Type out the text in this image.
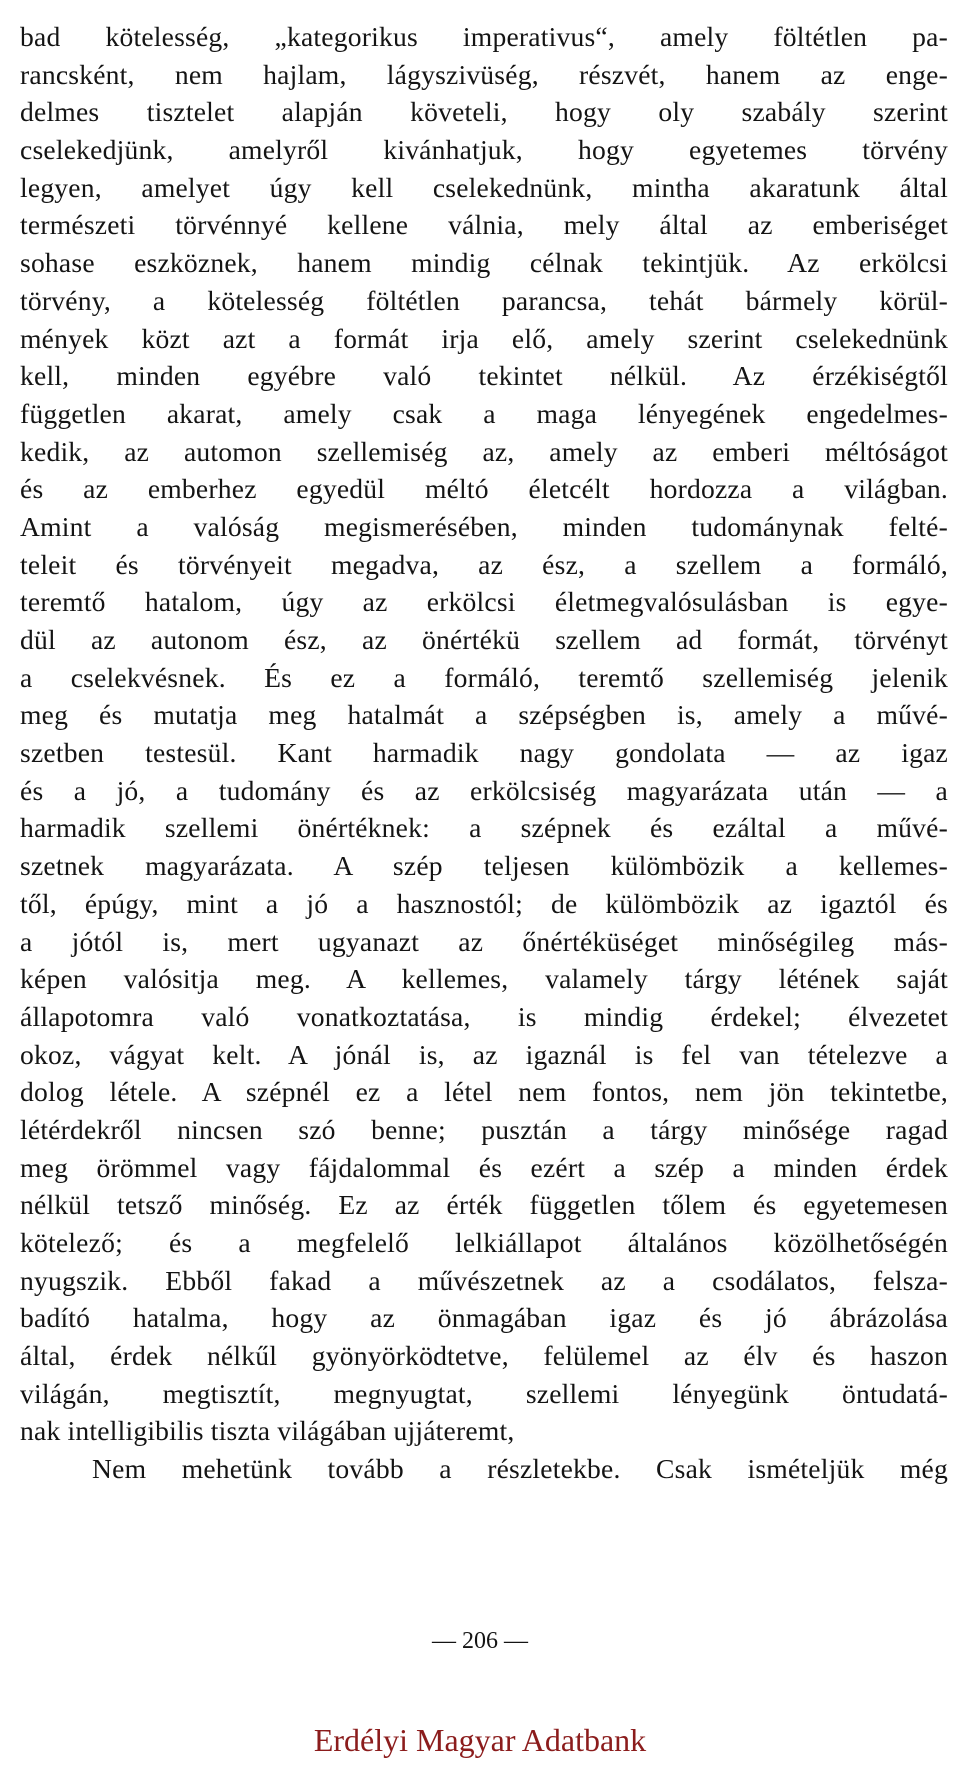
bad kötelesség, „kategorikus imperativus“, amely föltétlen pa-
rancsként, nem hajlam, lágyszivüség, részvét, hanem az enge-
delmes tisztelet alapján követeli, hogy oly szabály szerint
cselekedjünk, amelyről kivánhatjuk, hogy egyetemes törvény
legyen, amelyet úgy kell cselekednünk, mintha akaratunk által
természeti törvénnyé kellene válnia, mely által az emberiséget
sohase eszköznek, hanem mindig célnak tekintjük. Az erkölcsi
törvény, a kötelesség föltétlen parancsa, tehát bármely körül-
mények közt azt a formát irja elő, amely szerint cselekednünk
kell, minden egyébre való tekintet nélkül. Az érzékiségtől
független akarat, amely csak a maga lényegének engedelmes-
kedik, az automon szellemiség az, amely az emberi méltóságot
és az emberhez egyedül méltó életcélt hordozza a világban.
Amint a valóság megismerésében, minden tudománynak felté-
teleit és törvényeit megadva, az ész, a szellem a formáló,
teremtő hatalom, úgy az erkölcsi életmegvalósulásban is egye-
dül az autonom ész, az önértékü szellem ad formát, törvényt
a cselekvésnek. És ez a formáló, teremtő szellemiség jelenik
meg és mutatja meg hatalmát a szépségben is, amely a művé-
szetben testesül. Kant harmadik nagy gondolata — az igaz
és a jó, a tudomány és az erkölcsiség magyarázata után — a
harmadik szellemi önértéknek: a szépnek és ezáltal a művé-
szetnek magyarázata. A szép teljesen külömbözik a kellemes-
től, épúgy, mint a jó a hasznostól; de külömbözik az igaztól és
a jótól is, mert ugyanazt az őnértéküséget minőségileg más-
képen valósitja meg. A kellemes, valamely tárgy létének saját
állapotomra való vonatkoztatása, is mindig érdekel; élvezetet
okoz, vágyat kelt. A jónál is, az igaznál is fel van tételezve a
dolog létele. A szépnél ez a létel nem fontos, nem jön tekintetbe,
létérdekről nincsen szó benne; pusztán a tárgy minősége ragad
meg örömmel vagy fájdalommal és ezért a szép a minden érdek
nélkül tetsző minőség. Ez az érték független tőlem és egyetemesen
kötelező; és a megfelelő lelkiállapot általános közölhetőségén
nyugszik. Ebből fakad a művészetnek az a csodálatos, felsza-
badító hatalma, hogy az önmagában igaz és jó ábrázolása
által, érdek nélkűl gyönyörködtetve, felülemel az élv és haszon
világán, megtisztít, megnyugtat, szellemi lényegünk öntudatá-
nak intelligibilis tiszta világában ujjáteremt,
Nem mehetünk tovább a részletekbe. Csak ismételjük még
— 206 —
Erdélyi Magyar Adatbank
